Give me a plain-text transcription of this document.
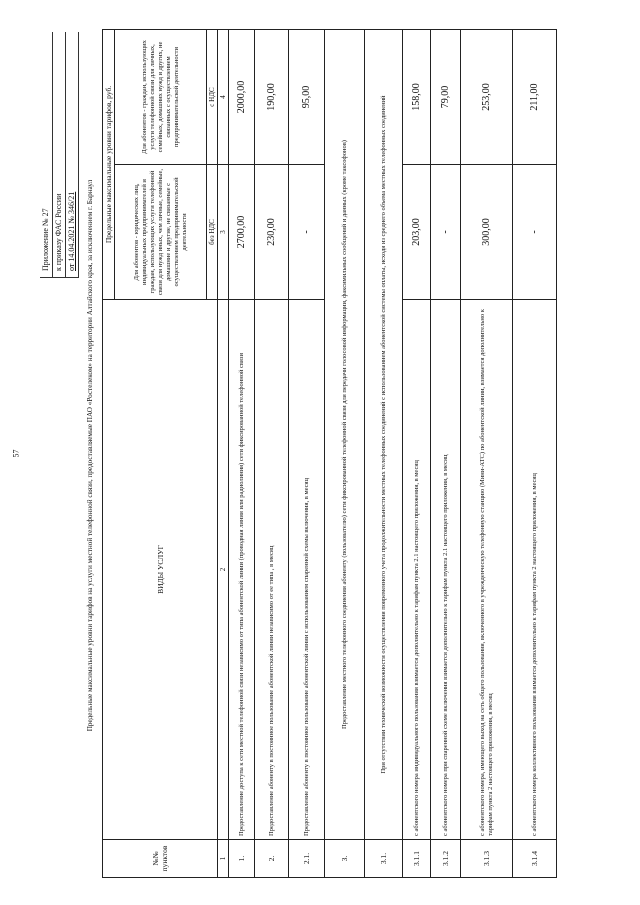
57
Приложение № 27 к приказу ФАС России от 14.04.2021 № 346/21	Предельные максимальные уровни тарифов на услуги местной телефонной связи, предоставляемые ПАО «Ростелеком» на территории Алтайского края, за исключением г. Барнаул
№№ пунктов	ВИДЫ УСЛУГ	Предельные максимальные уровни тарифов, руб.	
		Для абонентов - юридических лиц, индивидуальных предпринимателей и граждан, использующих услуги телефонной связи для нужд иных, чем личные, семейные, домашние и другие, не связанные с осуществлением предпринимательской деятельности	Для абонентов - граждан, использующих услуги телефонной связи для личных, семейных, домашних нужд и других, не связанных с осуществлением предпринимательской деятельности
		без НДС	с НДС
1	2	3	4
1.	Предоставление доступа к сети местной телефонной связи независимо от типа абонентской линии (проводная линия или радиолиния) сети фиксированной телефонной связи	2700,00	2000,00
2.	Предоставление абоненту в постоянное пользование абонентской линии независимо от ее типа , в месяц	230,00	190,00
2.1.	Предоставление абоненту в постоянное пользование абонентской линии с использованием спаренной схемы включения, в месяц	-	95,00
3.	Предоставление местного телефонного соединения абоненту (пользователю) сети фиксированной телефонной связи для передачи голосовой информации, факсимильных сообщений и данных (кроме таксофонов)		
3.1.	При отсутствии технической возможности осуществления повременного учета продолжительности местных телефонных соединений с использованием абонентской системы оплаты, исходя из среднего объема местных телефонных соединений		
3.1.1	с абонентского номера индивидуального пользования взимается дополнительно к тарифам пункта 2.1 настоящего приложения, в месяц	203,00	158,00
3.1.2	с абонентского номера при спаренной схеме включения взимается дополнительно к тарифам пункта 2.1 настоящего приложения, в месяц	-	79,00
3.1.3	с абонентского номера, имеющего выход на сеть общего пользования, включенного в учрежденческую телефонную станцию (Мини-АТС) по абонентской линии, взимается дополнительно к тарифам пункта 2 настоящего приложения, в месяц	300,00	253,00
3.1.4	с абонентского номера коллективного пользования взимается дополнительно к тарифам пункта 2 настоящего приложения, в месяц	-	211,00
